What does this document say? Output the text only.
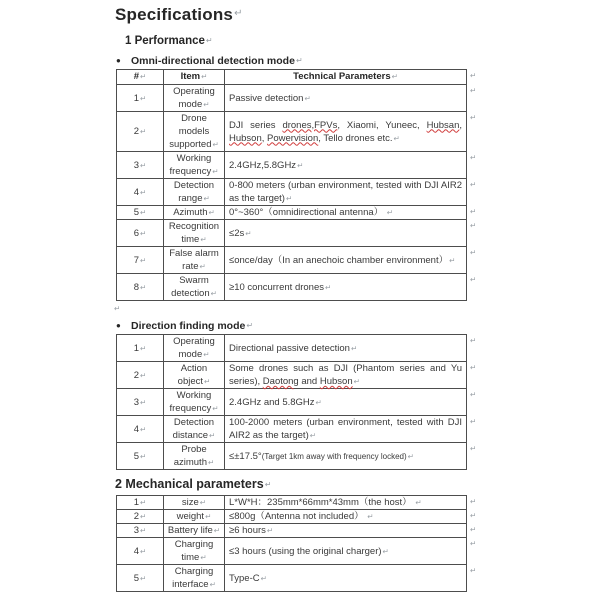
Specifications↵
1 Performance↵
● Omni-directional detection mode↵
#↵	Item↵	Technical Parameters↵	↵
1↵	Operating mode↵	Passive detection↵	↵
2↵	Drone models supported↵	DJI series drones,FPVs, Xiaomi, Yuneec, Hubsan, Hubson, Powervision, Tello drones etc.↵	↵
3↵	Working frequency↵	2.4GHz,5.8GHz↵	↵
4↵	Detection range↵	0-800 meters (urban environment, tested with DJI AIR2 as the target)↵	↵
5↵	Azimuth↵	0°~360°（omnidirectional antenna） ↵	↵
6↵	Recognition time↵	≤2s↵	↵
7↵	False alarm rate↵	≤once/day（In an anechoic chamber environment）↵	↵
8↵	Swarm detection↵	≥10 concurrent drones↵	↵
↵
● Direction finding mode↵
1↵	Operating mode↵	Directional passive detection↵	↵
2↵	Action object↵	Some drones such as DJI (Phantom series and Yu series), Daotong and Hubson↵	↵
3↵	Working frequency↵	2.4GHz and 5.8GHz↵	↵
4↵	Detection distance↵	100-2000 meters (urban environment, tested with DJI AIR2 as the target)↵	↵
5↵	Probe azimuth↵	≤±17.5°(Target 1km away with frequency locked)↵	↵
2 Mechanical parameters↵
1↵	size↵	L*W*H：235mm*66mm*43mm（the host） ↵	↵
2↵	weight↵	≤800g（Antenna not included） ↵	↵
3↵	Battery life↵	≥6 hours↵	↵
4↵	Charging time↵	≤3 hours (using the original charger)↵	↵
5↵	Charging interface↵	Type-C↵	↵
